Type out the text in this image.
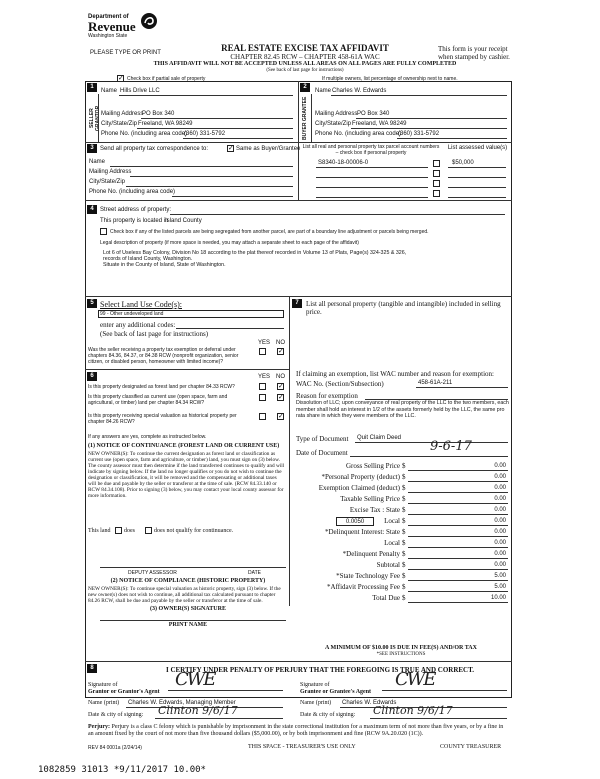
Department of
Revenue
Washington State
PLEASE TYPE OR PRINT	REAL ESTATE EXCISE TAX AFFIDAVIT
CHAPTER 82.45 RCW – CHAPTER 458-61A WAC
THIS AFFIDAVIT WILL NOT BE ACCEPTED UNLESS ALL AREAS ON ALL PAGES ARE FULLY COMPLETED
(See back of last page for instructions)
This form is your receipt
when stamped by cashier.
✓
Check box if partial sale of property	If multiple owners, list percentage of ownership next to name.
1
SELLER GRANTOR
Name Hills Drive LLC
Mailing Address
PO Box 340
City/State/Zip Freeland, WA 98249
Phone No. (including area code)
(360) 331-5792
2
BUYER GRANTEE
Name Charles W. Edwards
Mailing Address PO Box 340
City/State/Zip Freeland, WA 98249
Phone No. (including area code)
(360) 331-5792
3	Send all property tax correspondence to:
✓	Same as Buyer/Grantee
Name
Mailing Address
City/State/Zip
Phone No. (including area code)
List all real and personal property tax parcel account numbers – check box if personal property
List assessed value(s)
S8340-18-00006-0	$50,000
4	Street address of property:
This property is located in
Island County
Check box if any of the listed parcels are being segregated from another parcel, are part of a boundary line adjustment or parcels being merged.
Legal description of property (if more space is needed, you may attach a separate sheet to each page of the affidavit)
Lot 6 of Useless Bay Colony, Division No 18 according to the plat thereof recorded in Volume 13 of Plats, Page(s) 324-325 & 326,
records of Island County, Washington.
Situate in the County of Island, State of Washington.
5 Select Land Use Code(s):
99 - Other undeveloped land
enter any additional codes:
(See back of last page for instructions)
YES NO
Was the seller receiving a property tax exemption or deferral under chapters 84.36, 84.37, or 84.38 RCW (nonprofit organization, senior citizen, or disabled person, homeowner with limited income)?
✓
6	YES NO
Is this property designated as forest land per chapter 84.33 RCW?
✓
Is this property classified as current use (open space, farm and agricultural, or timber) land per chapter 84.34 RCW?
✓
Is this property receiving special valuation as historical property per chapter 84.26 RCW?
✓
If any answers are yes, complete as instructed below.
(1) NOTICE OF CONTINUANCE (FOREST LAND OR CURRENT USE)
NEW OWNER(S): To continue the current designation as forest land or classification as current use (open space, farm and agriculture, or timber) land, you must sign on (3) below. The county assessor must then determine if the land transferred continues to qualify and will indicate by signing below. If the land no longer qualifies or you do not wish to continue the designation or classification, it will be removed and the compensating or additional taxes will be due and payable by the seller or transferor at the time of sale. (RCW 84.33.140 or RCW 84.34.108). Prior to signing (3) below, you may contact your local county assessor for more information.
This land does	does not qualify for continuance.
DEPUTY ASSESSOR	DATE
(2) NOTICE OF COMPLIANCE (HISTORIC PROPERTY)
NEW OWNER(S): To continue special valuation as historic property, sign (3) below. If the new owner(s) does not wish to continue, all additional tax calculated pursuant to chapter 84.26 RCW, shall be due and payable by the seller or transferor at the time of sale.
(3) OWNER(S) SIGNATURE
PRINT NAME
7	List all personal property (tangible and intangible) included in selling price.
If claiming an exemption, list WAC number and reason for exemption:
WAC No. (Section/Subsection)	458-61A-211
Reason for exemption
Dissolution of LLC; upon conveyance of real property of the LLC to the two members, each member shall hold an interest in 1/2 of the assets formerly held by the LLC, the same pro rata share in which they were members of the LLC.
Type of Document Quit Claim Deed
Date of Document	9-6-17
Gross Selling Price $	0.00
*Personal Property (deduct) $	0.00
Exemption Claimed (deduct) $	0.00
Taxable Selling Price $	0.00
Excise Tax : State $	0.00
Local $	0.00
*Delinquent Interest: State $	0.00
Local $	0.00
*Delinquent Penalty $	0.00
Subtotal $	0.00
*State Technology Fee $	5.00
*Affidavit Processing Fee $	5.00
Total Due $	10.00
0.0050
A MINIMUM OF $10.00 IS DUE IN FEE(S) AND/OR TAX
*SEE INSTRUCTIONS
8	I CERTIFY UNDER PENALTY OF PERJURY THAT THE FOREGOING IS TRUE AND CORRECT.
Signature of
Grantor or Grantor's Agent
CWE	Signature of
Grantee or Grantee's Agent
CWE
Name (print) Charles W. Edwards, Managing Member	Name (print) Charles W. Edwards
Date & city of signing: Clinton 9/6/17	Date & city of signing: Clinton 9/6/17
Perjury: Perjury is a class C felony which is punishable by imprisonment in the state correctional institution for a maximum term of not more than five years, or by a fine in an amount fixed by the court of not more than five thousand dollars ($5,000.00), or by both imprisonment and fine (RCW 9A.20.020 (1C)).
REV 84 0001a (2/24/14)	THIS SPACE - TREASURER'S USE ONLY	COUNTY TREASURER
1082859 31013 *9/11/2017 10.00*
